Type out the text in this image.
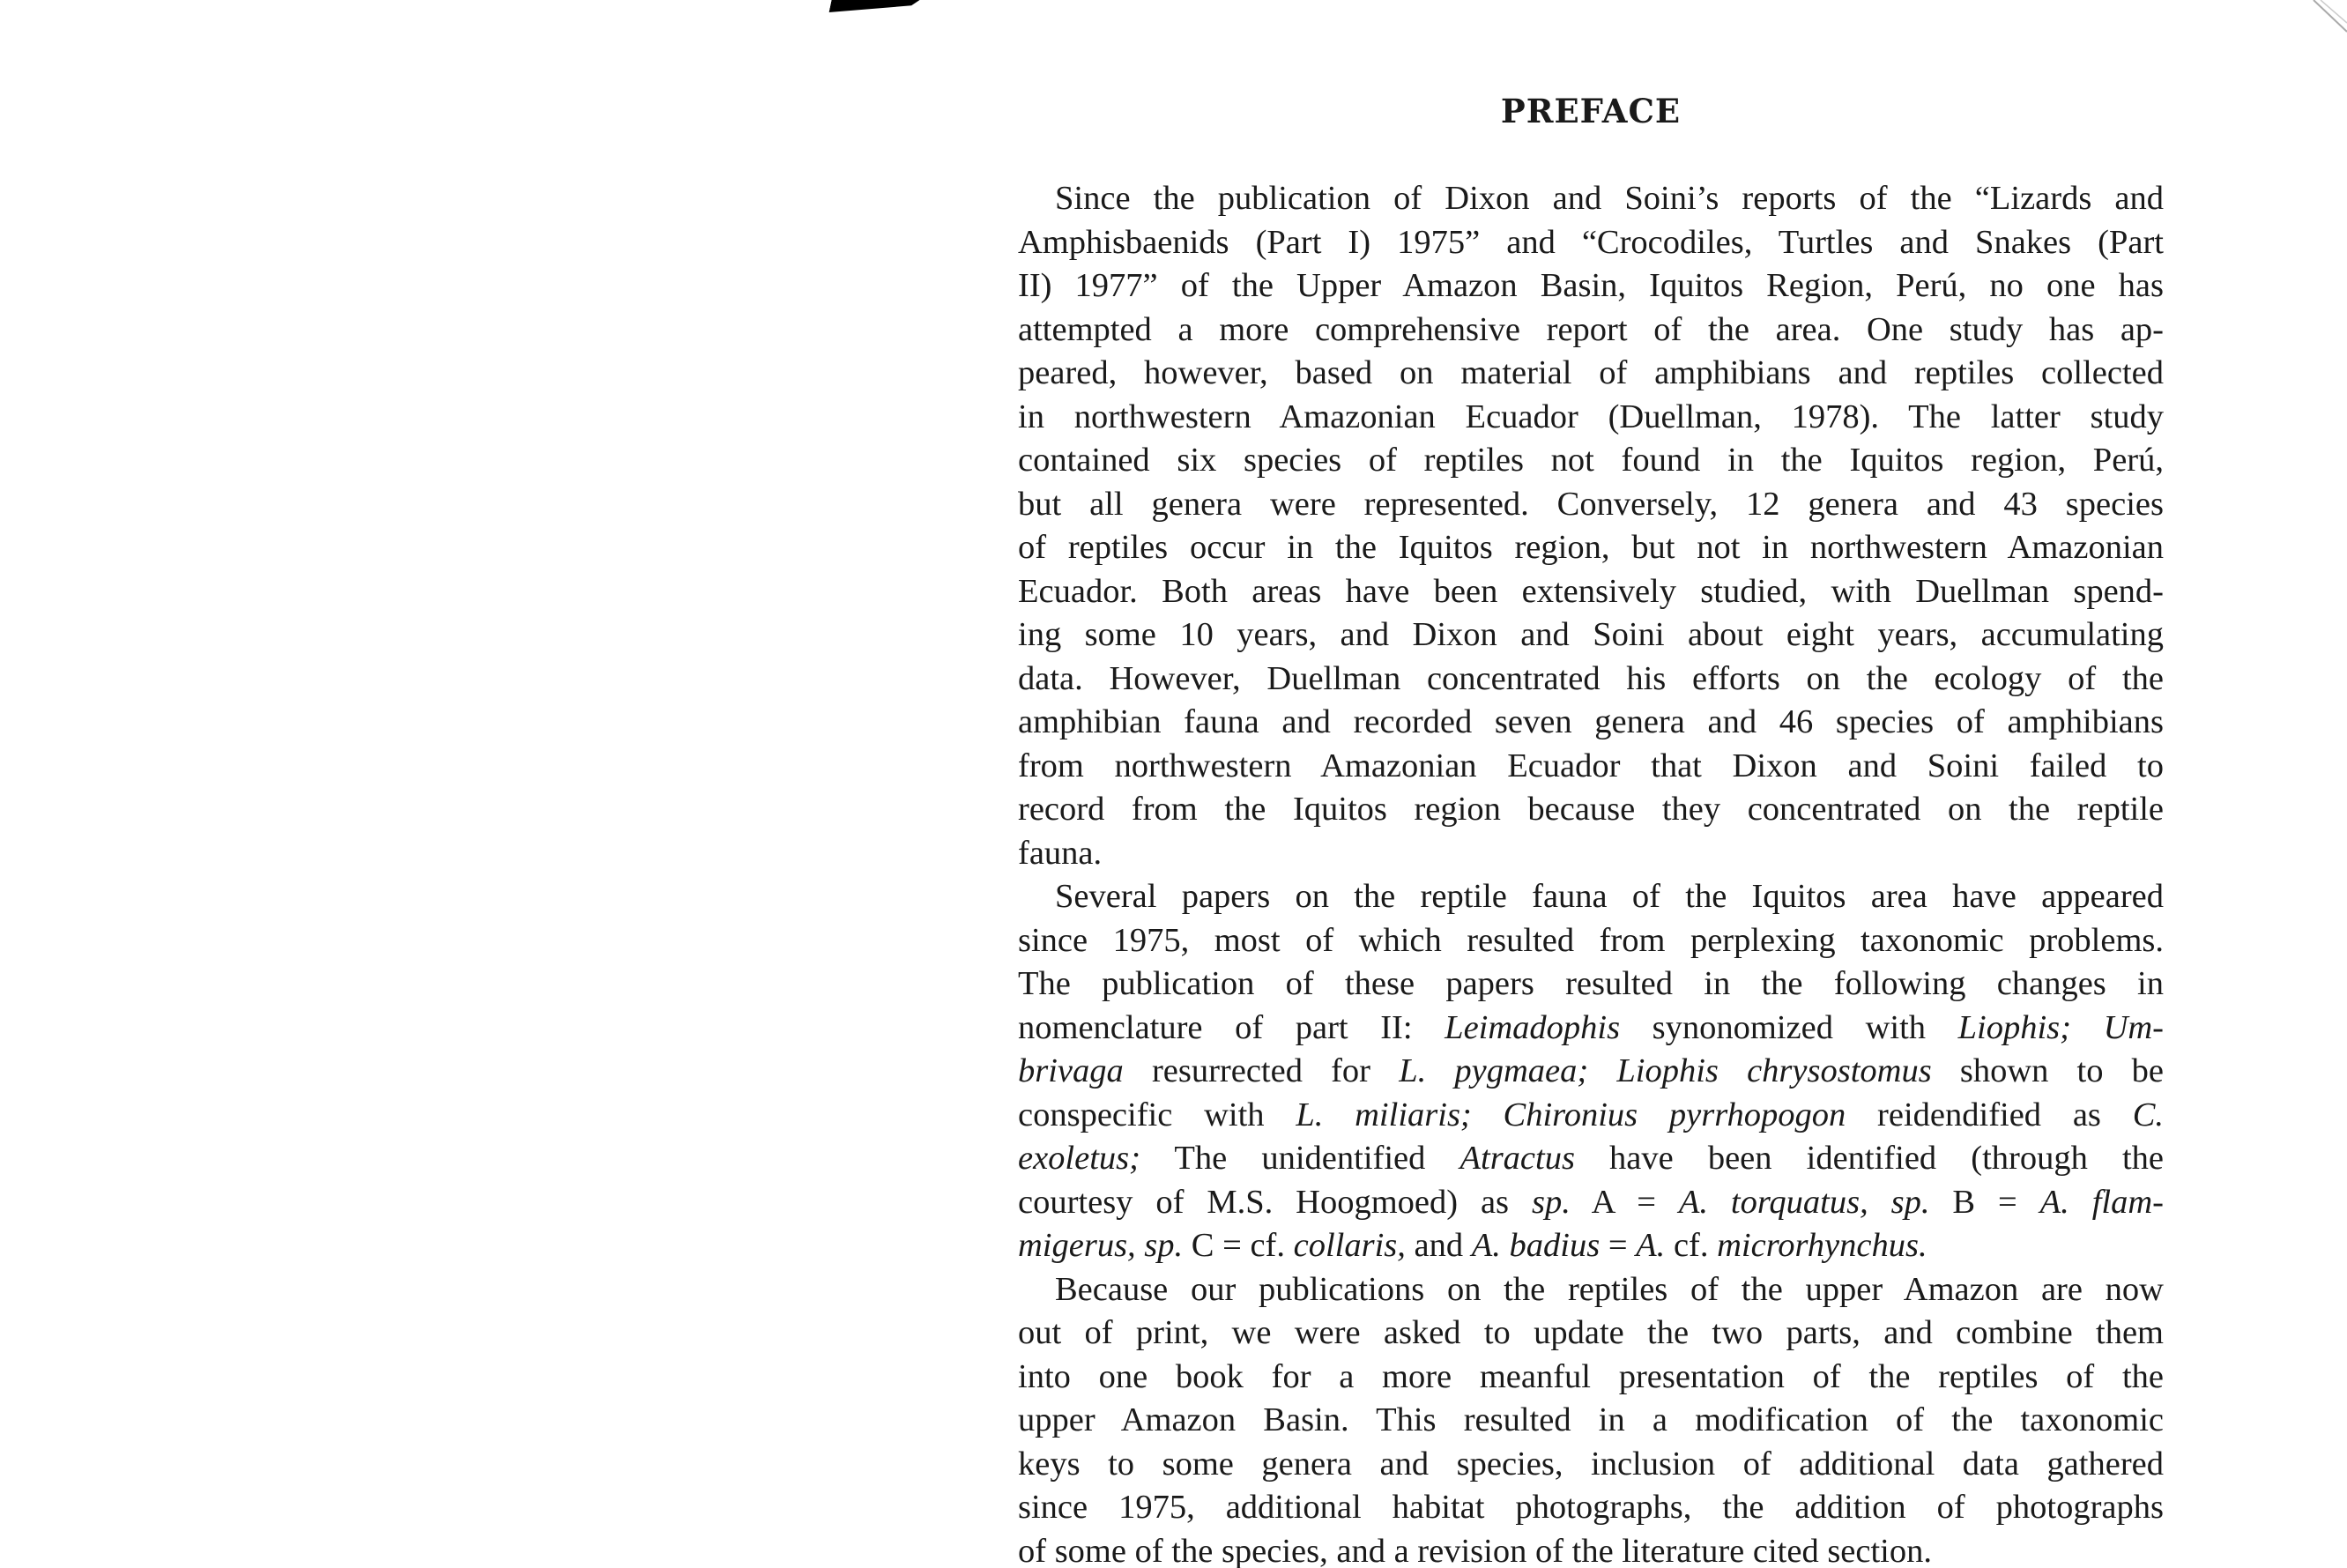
PREFACE
Since the publication of Dixon and Soini’s reports of the “Lizards and
Amphisbaenids (Part I) 1975” and “Crocodiles, Turtles and Snakes (Part
II) 1977” of the Upper Amazon Basin, Iquitos Region, Perú, no one has
attempted a more comprehensive report of the area. One study has ap-
peared, however, based on material of amphibians and reptiles collected
in northwestern Amazonian Ecuador (Duellman, 1978). The latter study
contained six species of reptiles not found in the Iquitos region, Perú,
but all genera were represented. Conversely, 12 genera and 43 species
of reptiles occur in the Iquitos region, but not in northwestern Amazonian
Ecuador. Both areas have been extensively studied, with Duellman spend-
ing some 10 years, and Dixon and Soini about eight years, accumulating
data. However, Duellman concentrated his efforts on the ecology of the
amphibian fauna and recorded seven genera and 46 species of amphibians
from northwestern Amazonian Ecuador that Dixon and Soini failed to
record from the Iquitos region because they concentrated on the reptile
fauna.
Several papers on the reptile fauna of the Iquitos area have appeared
since 1975, most of which resulted from perplexing taxonomic problems.
The publication of these papers resulted in the following changes in
nomenclature of part II: Leimadophis synonomized with Liophis; Um-
brivaga resurrected for L. pygmaea; Liophis chrysostomus shown to be
conspecific with L. miliaris; Chironius pyrrhopogon reidendified as C.
exoletus; The unidentified Atractus have been identified (through the
courtesy of M.S. Hoogmoed) as sp. A = A. torquatus, sp. B = A. flam-
migerus, sp. C = cf. collaris, and A. badius = A. cf. microrhynchus.
Because our publications on the reptiles of the upper Amazon are now
out of print, we were asked to update the two parts, and combine them
into one book for a more meanful presentation of the reptiles of the
upper Amazon Basin. This resulted in a modification of the taxonomic
keys to some genera and species, inclusion of additional data gathered
since 1975, additional habitat photographs, the addition of photographs
of some of the species, and a revision of the literature cited section.
